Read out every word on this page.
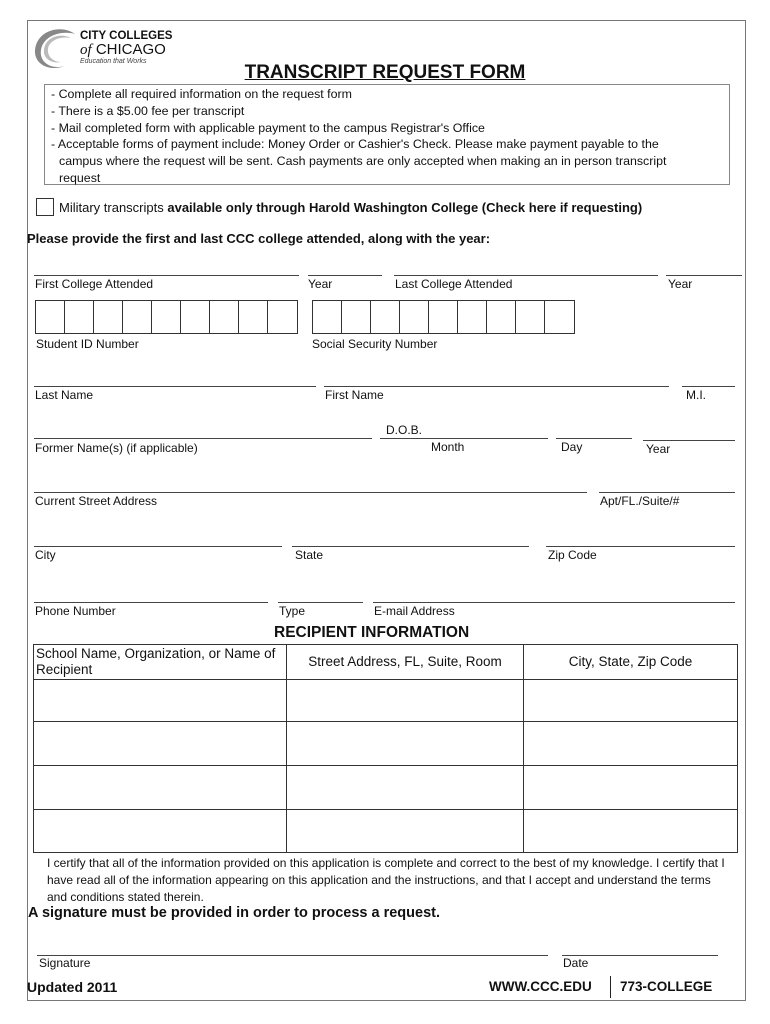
CITY COLLEGES
of CHICAGO
Education that Works
TRANSCRIPT REQUEST FORM
- Complete all required information on the request form
- There is a $5.00 fee per transcript
- Mail completed form with applicable payment to the campus Registrar's Office
- Acceptable forms of payment include: Money Order or Cashier's Check. Please make payment payable to the
campus where the request will be sent. Cash payments are only accepted when making an in person transcript
request
Military transcripts available only through Harold Washington College (Check here if requesting)
Please provide the first and last CCC college attended, along with the year:
First College Attended	Year	Last College Attended	Year
Student ID Number	Social Security Number
Last Name	First Name	M.I.
D.O.B.
Former Name(s) (if applicable)	Month	Day	Year
Current Street Address	Apt/FL./Suite/#
City	State	Zip Code
Phone Number	Type	E-mail Address
RECIPIENT INFORMATION
School Name, Organization, or Name of
Recipient	Street Address, FL, Suite, Room	City, State, Zip Code

I certify that all of the information provided on this application is complete and correct to the best of my knowledge. I certify that I have read all of the information appearing on this application and the instructions, and that I accept and understand the terms and conditions stated therein.
A signature must be provided in order to process a request.
Signature	Date
Updated 2011	WWW.CCC.EDU 773-COLLEGE
